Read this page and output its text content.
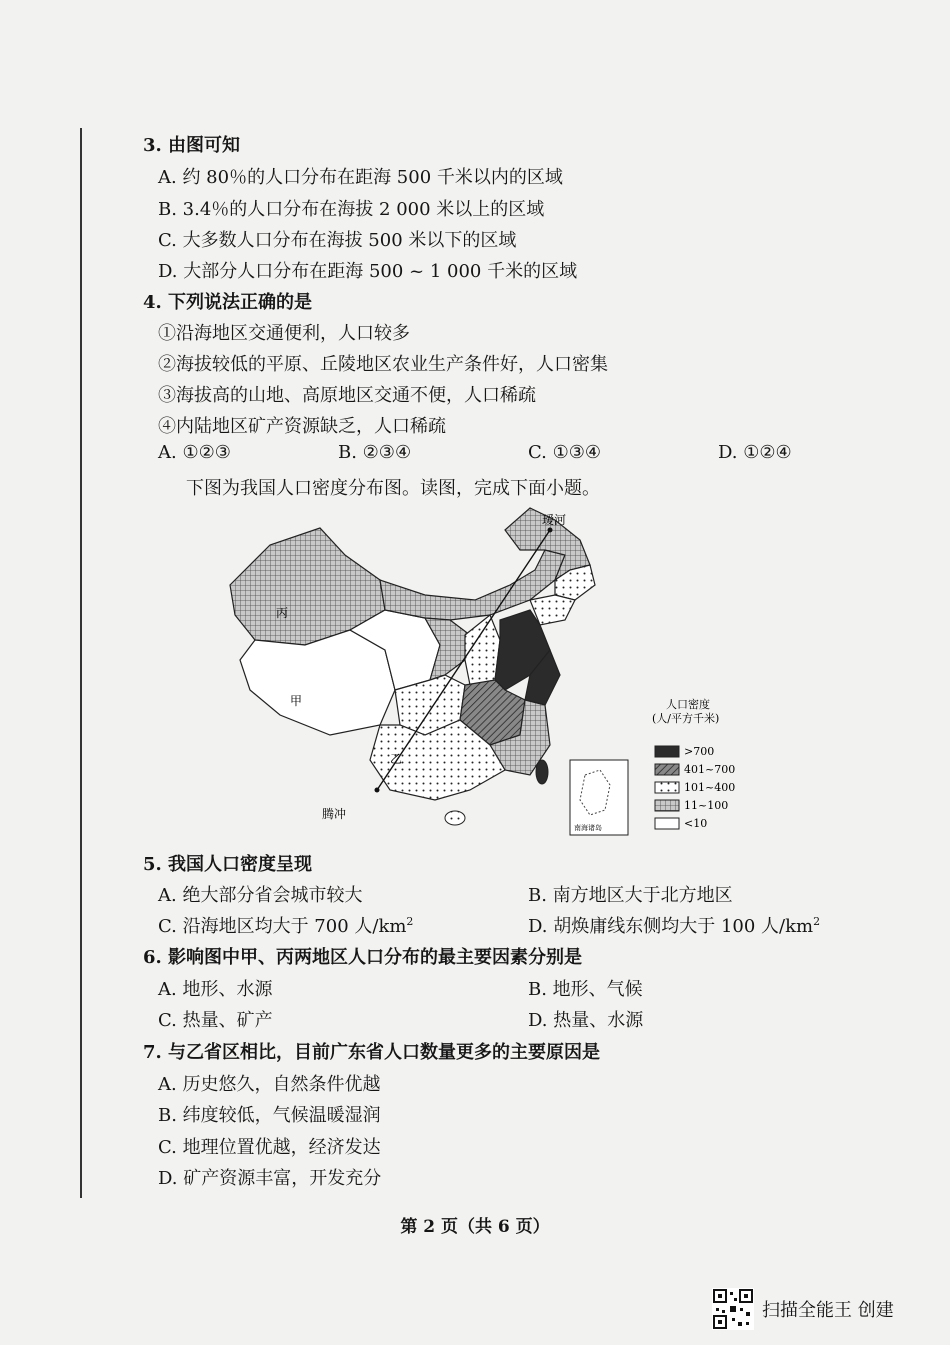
3. 由图可知
A. 约 80％的人口分布在距海 500 千米以内的区域
B. 3.4％的人口分布在海拔 2 000 米以上的区域
C. 大多数人口分布在海拔 500 米以下的区域
D. 大部分人口分布在距海 500 ~ 1 000 千米的区域
4. 下列说法正确的是
①沿海地区交通便利，人口较多
②海拔较低的平原、丘陵地区农业生产条件好，人口密集
③海拔高的山地、高原地区交通不便，人口稀疏
④内陆地区矿产资源缺乏，人口稀疏
A. ①②③	B. ②③④	C. ①③④	D. ①②④
下图为我国人口密度分布图。读图，完成下面小题。
瑷河
腾冲
丙
甲
乙
南海诸岛
人口密度
(人/平方千米)
>700
401~700
101~400
11~100
<10
5. 我国人口密度呈现
A. 绝大部分省会城市较大	B. 南方地区大于北方地区
C. 沿海地区均大于 700 人$/km^2$	D. 胡焕庸线东侧均大于 100 人$/km^2$
6. 影响图中甲、丙两地区人口分布的最主要因素分别是
A. 地形、水源	B. 地形、气候
C. 热量、矿产	D. 热量、水源
7. 与乙省区相比，目前广东省人口数量更多的主要原因是
A. 历史悠久，自然条件优越
B. 纬度较低，气候温暖湿润
C. 地理位置优越，经济发达
D. 矿产资源丰富，开发充分
第 2 页（共 6 页）
扫描全能王 创建
